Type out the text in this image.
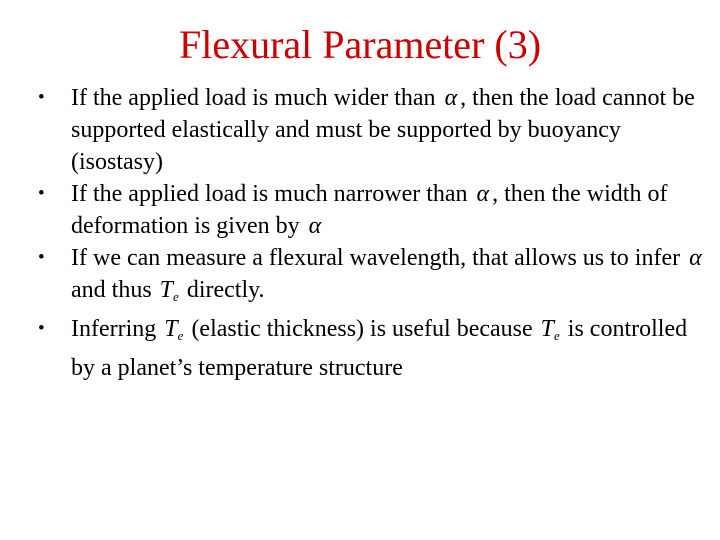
Flexural Parameter (3)
• If the applied load is much wider than α , then the load cannot be supported elastically and must be supported by buoyancy (isostasy)
• If the applied load is much narrower than α , then the width of deformation is given by α
• If we can measure a flexural wavelength, that allows us to infer α and thus $T_e$ directly.
• Inferring $T_e$ (elastic thickness) is useful because $T_e$ is controlled by a planet’s temperature structure
